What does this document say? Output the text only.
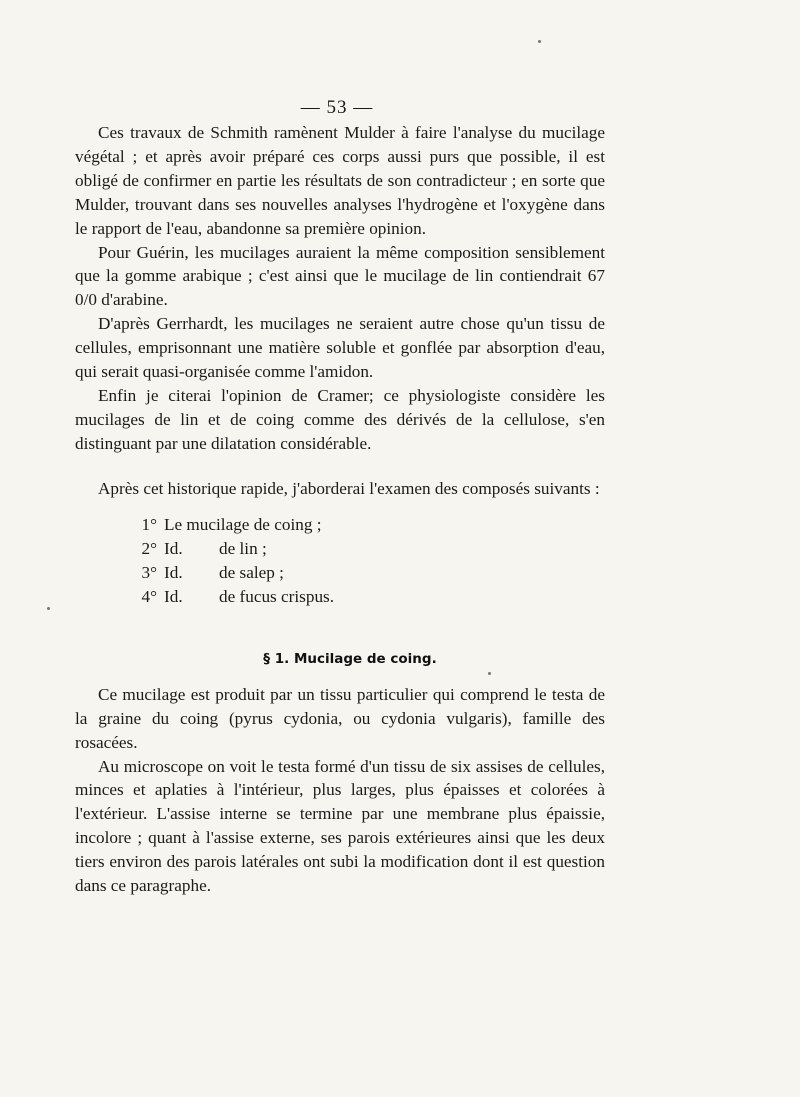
— 53 —

Ces travaux de Schmith ramènent Mulder à faire l'analyse du mucilage végétal ; et après avoir préparé ces corps aussi purs que possible, il est obligé de confirmer en partie les résultats de son contradicteur ; en sorte que Mulder, trouvant dans ses nouvelles analyses l'hydrogène et l'oxygène dans le rapport de l'eau, abandonne sa première opinion.

Pour Guérin, les mucilages auraient la même composition sensiblement que la gomme arabique ; c'est ainsi que le mucilage de lin contiendrait 67 0/0 d'arabine.

D'après Gerrhardt, les mucilages ne seraient autre chose qu'un tissu de cellules, emprisonnant une matière soluble et gonflée par absorption d'eau, qui serait quasi-organisée comme l'amidon.

Enfin je citerai l'opinion de Cramer; ce physiologiste considère les mucilages de lin et de coing comme des dérivés de la cellulose, s'en distinguant par une dilatation considérable.

Après cet historique rapide, j'aborderai l'examen des composés suivants :

1° Le mucilage de coing ;
2° Id.	de lin ;
3° Id.	de salep ;
4° Id.	de fucus crispus.
§ 1. Mucilage de coing.

Ce mucilage est produit par un tissu particulier qui comprend le testa de la graine du coing (pyrus cydonia, ou cydonia vulgaris), famille des rosacées.

Au microscope on voit le testa formé d'un tissu de six assises de cellules, minces et aplaties à l'intérieur, plus larges, plus épaisses et colorées à l'extérieur. L'assise interne se termine par une membrane plus épaissie, incolore ; quant à l'assise externe, ses parois extérieures ainsi que les deux tiers environ des parois latérales ont subi la modification dont il est question dans ce paragraphe.
